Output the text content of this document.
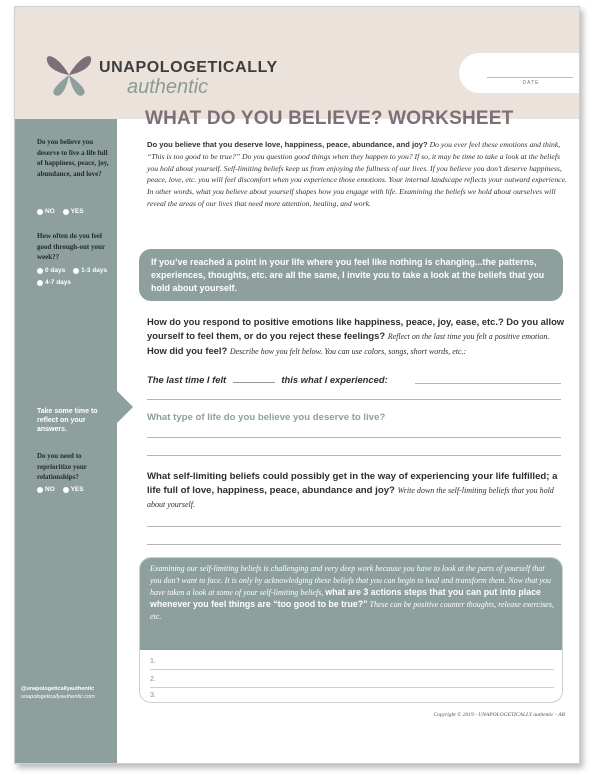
UNAPOLOGETICALLY
authentic	DATE
WHAT DO YOU BELIEVE? WORKSHEET
Do you believe you deserve to live a life full of happiness, peace, joy, abundance, and love?
NO
YES
How often do you feel good through-out your week??
0 days
1-3 days

4-7 days
Take some time to reflect on your answers.
Do you need to reprioritize your relationships?
NO
YES
@unapologeticallyauthentic
unapologeticallyauthentic.com
Do you believe that you deserve love, happiness, peace, abundance, and joy? Do you ever feel these emotions and think, “This is too good to be true?” Do you question good things when they happen to you? If so, it may be time to take a look at the beliefs you hold about yourself. Self-limiting beliefs keep us from enjoying the fullness of our lives. If you believe you don’t deserve happiness, peace, love, etc. you will feel discomfort when you experience those emotions. Your internal landscape reflects your outward experience. In other words, what you believe about yourself shapes how you engage with life. Examining the beliefs we hold about ourselves will reveal the areas of our lives that need more attention, healing, and work.
If you’ve reached a point in your life where you feel like nothing is changing...the patterns, experiences, thoughts, etc. are all the same, I invite you to take a look at the beliefs that you hold about yourself.
How do you respond to positive emotions like happiness, peace, joy, ease, etc.? Do you allow yourself to feel them, or do you reject these feelings? Reflect on the last time you felt a positive emotion. How did you feel? Describe how you felt below. You can use colors, songs, short words, etc.:
The last time I felt	this what I experienced:
What type of life do you believe you deserve to live?
What self-limiting beliefs could possibly get in the way of experiencing your life fulfilled; a life full of love, happiness, peace, abundance and joy? Write down the self-limiting beliefs that you hold about yourself.
Examining our self-limiting beliefs is challenging and very deep work because you have to look at the parts of yourself that you don’t want to face. It is only by acknowledging these beliefs that you can begin to heal and transform them. Now that you have taken a look at some of your self-limiting beliefs, what are 3 actions steps that you can put into place whenever you feel things are “too good to be true?” These can be positive counter thoughts, release exercises, etc.
1.
2.
3.
Copyright © 2019 - UNAPOLOGETICALLY authentic - AB
